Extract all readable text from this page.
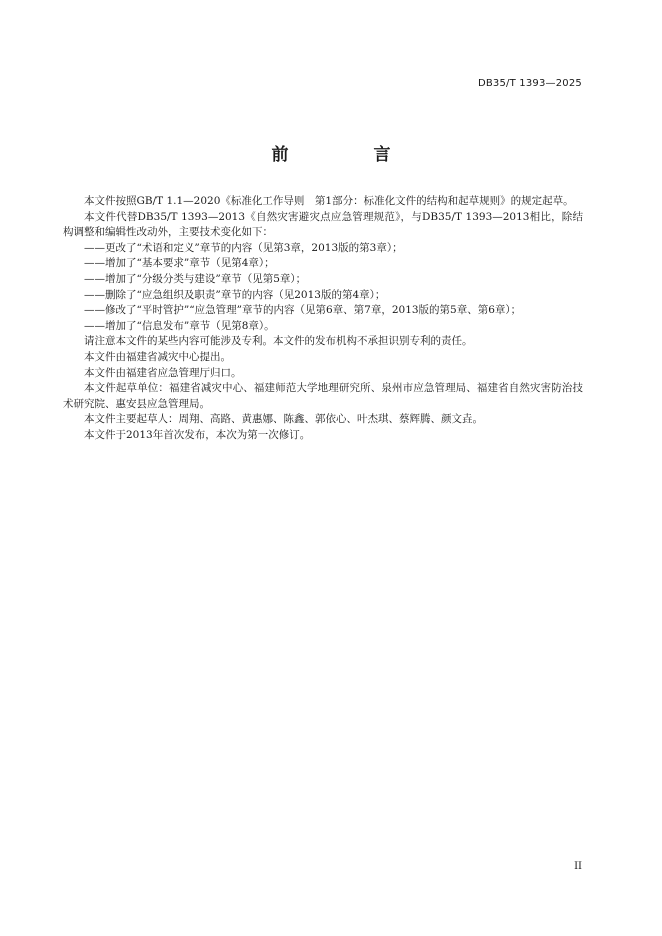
DB35/T 1393—2025
前　言

本文件按照GB/T 1.1—2020《标准化工作导则　第1部分：标准化文件的结构和起草规则》的规定起草。

本文件代替DB35/T 1393—2013《自然灾害避灾点应急管理规范》，与DB35/T 1393—2013相比，除结构调整和编辑性改动外，主要技术变化如下：

——更改了“术语和定义”章节的内容（见第3章，2013版的第3章）；

——增加了“基本要求”章节（见第4章）；

——增加了“分级分类与建设”章节（见第5章）；

——删除了“应急组织及职责”章节的内容（见2013版的第4章）；

——修改了“平时管护”“应急管理”章节的内容（见第6章、第7章，2013版的第5章、第6章）；

——增加了“信息发布”章节（见第8章）。

请注意本文件的某些内容可能涉及专利。本文件的发布机构不承担识别专利的责任。

本文件由福建省减灾中心提出。

本文件由福建省应急管理厅归口。

本文件起草单位：福建省减灾中心、福建师范大学地理研究所、泉州市应急管理局、福建省自然灾害防治技术研究院、惠安县应急管理局。

本文件主要起草人：周翔、高路、黄惠娜、陈鑫、郭依心、叶杰琪、蔡辉腾、颜文垚。

本文件于2013年首次发布，本次为第一次修订。

II
